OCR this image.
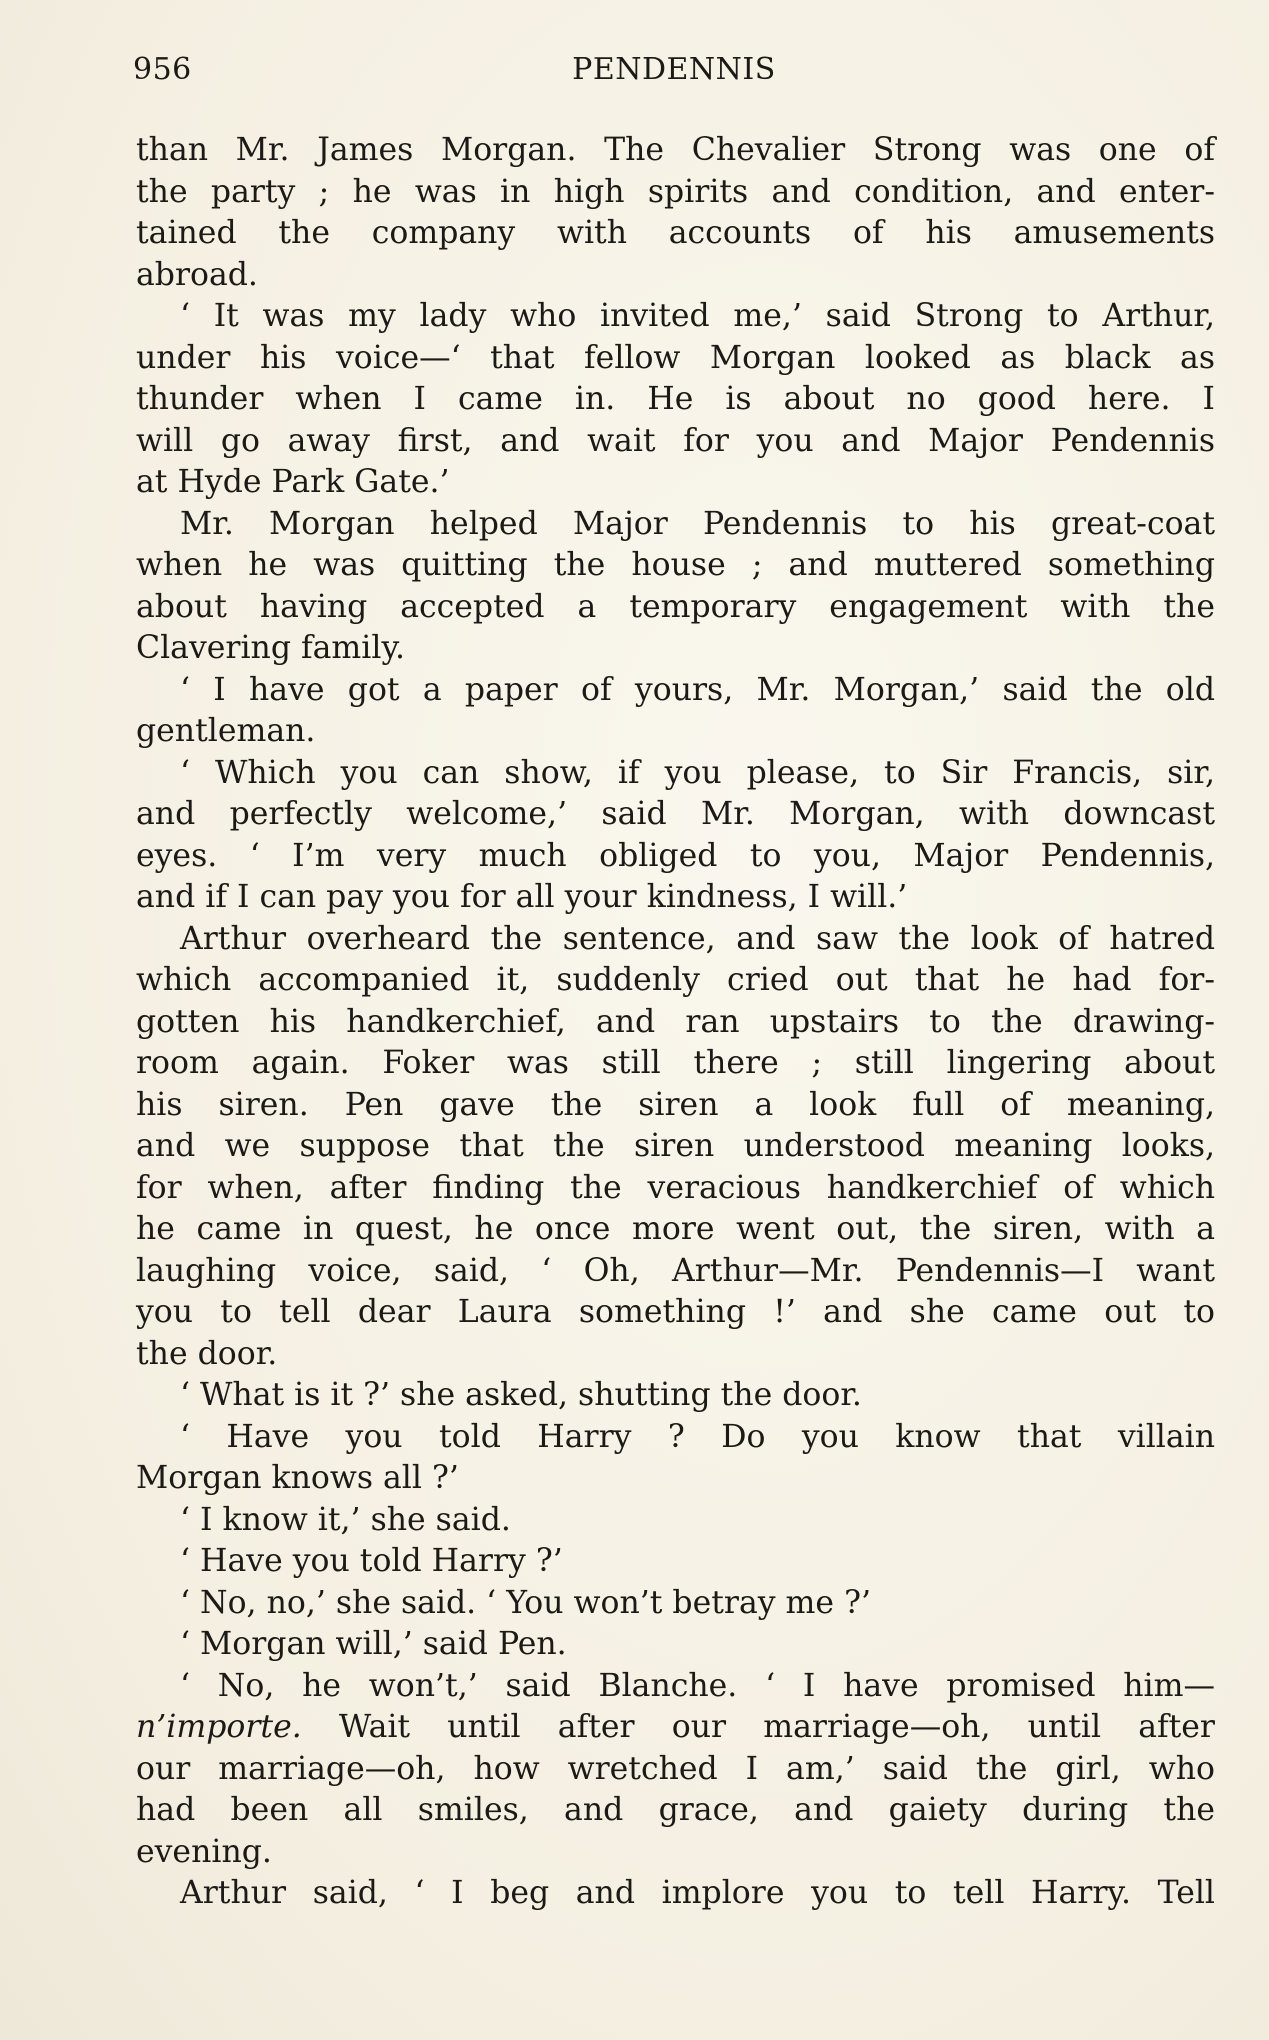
956	PENDENNIS
than Mr. James Morgan. The Chevalier Strong was one of
the party ; he was in high spirits and condition, and enter-
tained the company with accounts of his amusements
abroad.
‘ It was my lady who invited me,’ said Strong to Arthur,
under his voice—‘ that fellow Morgan looked as black as
thunder when I came in. He is about no good here. I
will go away first, and wait for you and Major Pendennis
at Hyde Park Gate.’
Mr. Morgan helped Major Pendennis to his great-coat
when he was quitting the house ; and muttered something
about having accepted a temporary engagement with the
Clavering family.
‘ I have got a paper of yours, Mr. Morgan,’ said the old
gentleman.
‘ Which you can show, if you please, to Sir Francis, sir,
and perfectly welcome,’ said Mr. Morgan, with downcast
eyes. ‘ I’m very much obliged to you, Major Pendennis,
and if I can pay you for all your kindness, I will.’
Arthur overheard the sentence, and saw the look of hatred
which accompanied it, suddenly cried out that he had for-
gotten his handkerchief, and ran upstairs to the drawing-
room again. Foker was still there ; still lingering about
his siren. Pen gave the siren a look full of meaning,
and we suppose that the siren understood meaning looks,
for when, after finding the veracious handkerchief of which
he came in quest, he once more went out, the siren, with a
laughing voice, said, ‘ Oh, Arthur—Mr. Pendennis—I want
you to tell dear Laura something !’ and she came out to
the door.
‘ What is it ?’ she asked, shutting the door.
‘ Have you told Harry ? Do you know that villain
Morgan knows all ?’
‘ I know it,’ she said.
‘ Have you told Harry ?’
‘ No, no,’ she said. ‘ You won’t betray me ?’
‘ Morgan will,’ said Pen.
‘ No, he won’t,’ said Blanche. ‘ I have promised him—
n’importe. Wait until after our marriage—oh, until after
our marriage—oh, how wretched I am,’ said the girl, who
had been all smiles, and grace, and gaiety during the
evening.
Arthur said, ‘ I beg and implore you to tell Harry. Tell
